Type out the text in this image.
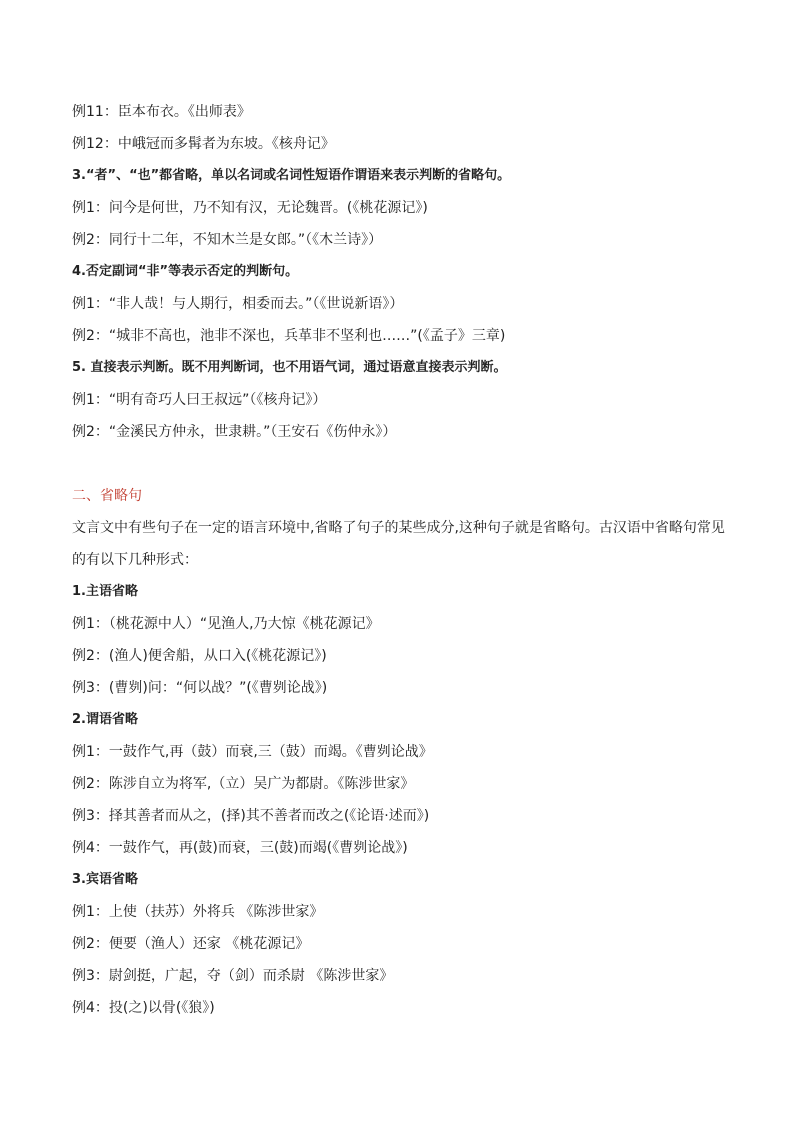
例11：臣本布衣。《出师表》
例12：中峨冠而多髯者为东坡。《核舟记》
3.“者”、“也”都省略，单以名词或名词性短语作谓语来表示判断的省略句。
例1：问今是何世，乃不知有汉，无论魏晋。(《桃花源记》)
例2：同行十二年，不知木兰是女郎。”（《木兰诗》）
4.否定副词“非”等表示否定的判断句。
例1：“非人哉！与人期行，相委而去。”（《世说新语》）
例2：“城非不高也，池非不深也，兵革非不坚利也……”(《孟子》三章)
5. 直接表示判断。既不用判断词，也不用语气词，通过语意直接表示判断。
例1：“明有奇巧人曰王叔远”（《核舟记》）
例2：“金溪民方仲永，世隶耕。”（王安石《伤仲永》）
二、省略句
文言文中有些句子在一定的语言环境中,省略了句子的某些成分,这种句子就是省略句。古汉语中省略句常见的有以下几种形式：
1.主语省略
例1：（桃花源中人）“见渔人,乃大惊《桃花源记》
例2：(渔人)便舍船，从口入(《桃花源记》)
例3：(曹刿)问：“何以战？”(《曹刿论战》)
2.谓语省略
例1：一鼓作气,再（鼓）而衰,三（鼓）而竭。《曹刿论战》
例2：陈涉自立为将军,（立）吴广为都尉。《陈涉世家》
例3：择其善者而从之，(择)其不善者而改之(《论语·述而》)
例4：一鼓作气，再(鼓)而衰，三(鼓)而竭(《曹刿论战》)
3.宾语省略
例1：上使（扶苏）外将兵 《陈涉世家》
例2：便要（渔人）还家 《桃花源记》
例3：尉剑挺，广起，夺（剑）而杀尉 《陈涉世家》
例4：投(之)以骨(《狼》)
